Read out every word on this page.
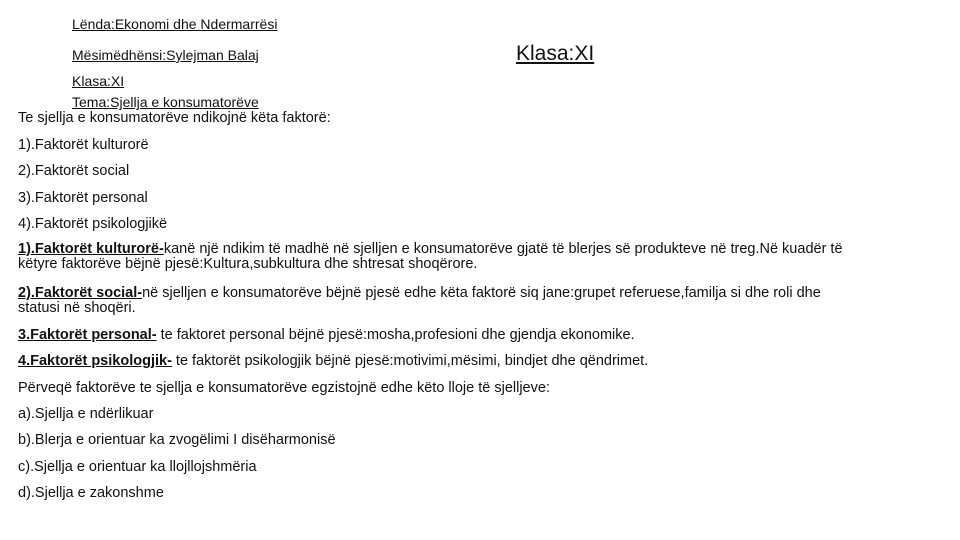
Lënda:Ekonomi dhe Ndermarrësi
Mësimëdhënsi:Sylejman Balaj
Klasa:XI
Tema:Sjellja e konsumatorëve
Klasa:XI
Te sjellja e konsumatorëve ndikojnë këta faktorë:
1).Faktorët kulturorë
2).Faktorët social
3).Faktorët personal
4).Faktorët psikologjikë
1).Faktorët kulturorë-kanë një ndikim të madhë në sjelljen e konsumatorëve gjatë të blerjes së produkteve në treg.Në kuadër të këtyre faktorëve bëjnë pjesë:Kultura,subkultura dhe shtresat shoqërore.
2).Faktorët social-në sjelljen e konsumatorëve bëjnë pjesë edhe këta faktorë siq jane:grupet referuese,familja si dhe roli dhe statusi në shoqëri.
3.Faktorët personal- te faktoret personal bëjnë pjesë:mosha,profesioni dhe gjendja ekonomike.
4.Faktorët psikologjik- te faktorët psikologjik bëjnë pjesë:motivimi,mësimi, bindjet dhe qëndrimet.
Përveqë faktorëve te sjellja e konsumatorëve egzistojnë edhe këto lloje të sjelljeve:
a).Sjellja e ndërlikuar
b).Blerja e orientuar ka zvogëlimi I disëharmonisë
c).Sjellja e orientuar ka llojllojshmëria
d).Sjellja e zakonshme
